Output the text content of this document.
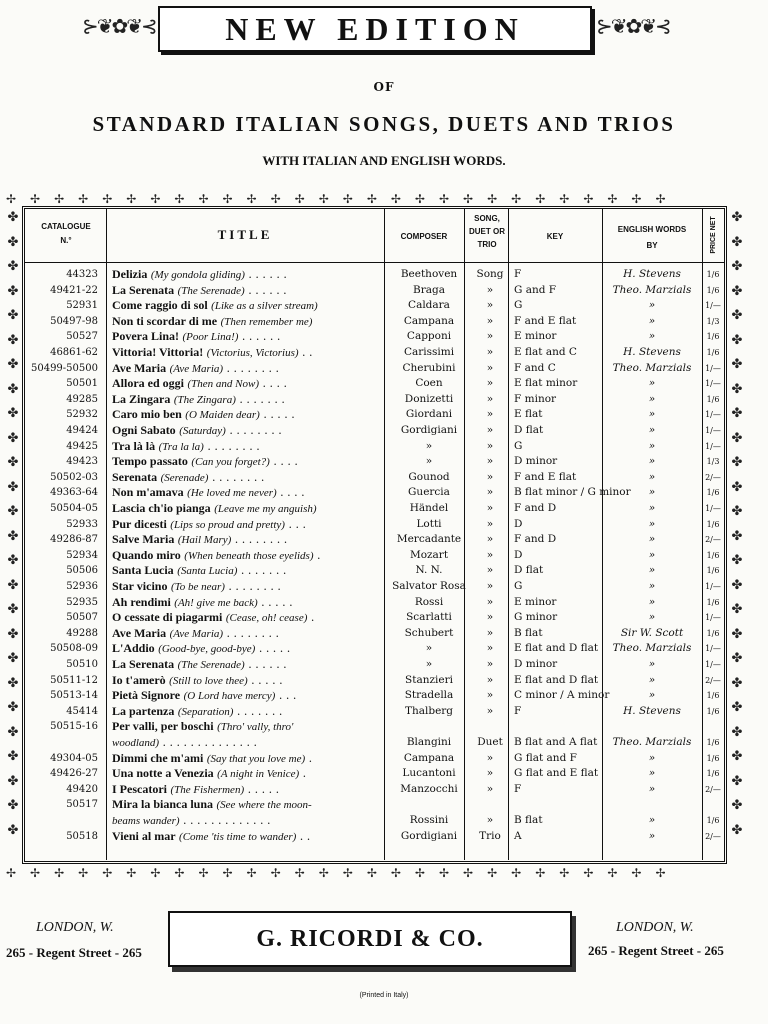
⊱❦✿❦⊰	NEW EDITION	⊱❦✿❦⊰
OF
STANDARD ITALIAN SONGS, DUETS AND TRIOS
WITH ITALIAN AND ENGLISH WORDS.
✢✢✢✢✢✢✢✢✢✢✢✢✢✢✢✢✢✢✢✢✢✢✢✢✢✢✢✢
✢✢✢✢✢✢✢✢✢✢✢✢✢✢✢✢✢✢✢✢✢✢✢✢✢✢✢✢
✤
✤
✤
✤
✤
✤
✤
✤
✤
✤
✤
✤
✤
✤
✤
✤
✤
✤
✤
✤
✤
✤
✤
✤
✤
✤
✤
✤
✤
✤
✤
✤
✤
✤
✤
✤
✤
✤
✤
✤
✤
✤
✤
✤
✤
✤
✤
✤
✤
✤
✤
✤
CATALOGUE
N.°	TITLE	COMPOSER
SONG, DUET OR TRIO
KEY
ENGLISH WORDS BY	PRICE NET
44323 Delizia (My gondola gliding) . . . . . .	Beethoven	Song	F	H. Stevens	1/6
49421-22 La Serenata (The Serenade) . . . . . .	Braga	»	G and F	Theo. Marzials	1/6
52931 Come raggio di sol (Like as a silver stream)	Caldara	»	G	»	1/—
50497-98 Non ti scordar di me (Then remember me)	Campana	»	F and E flat	»	1/3
50527 Povera Lina! (Poor Lina!) . . . . . .	Capponi	»	E minor	»	1/6
46861-62 Vittoria! Vittoria! (Victorius, Victorius) . .	Carissimi	»	E flat and C	H. Stevens	1/6
50499-50500 Ave Maria (Ave Maria) . . . . . . . .	Cherubini	»	F and C	Theo. Marzials	1/—
50501 Allora ed oggi (Then and Now) . . . .	Coen	»	E flat minor	»	1/—
49285 La Zingara (The Zingara) . . . . . . .	Donizetti	»	F minor	»	1/6
52932 Caro mio ben (O Maiden dear) . . . . .	Giordani	»	E flat	»	1/—
49424 Ogni Sabato (Saturday) . . . . . . . .	Gordigiani	»	D flat	»	1/—
49425 Tra là là (Tra la la) . . . . . . . .	»	»	G	»	1/—
49423 Tempo passato (Can you forget?) . . . .	»	»	D minor	»	1/3
50502-03 Serenata (Serenade) . . . . . . . .	Gounod	»	F and E flat	»	2/—
49363-64 Non m'amava (He loved me never) . . . .	Guercia	»	B flat minor / G minor	»	1/6
50504-05 Lascia ch'io pianga (Leave me my anguish)	Händel	»	F and D	»	1/—
52933 Pur dicesti (Lips so proud and pretty) . . .	Lotti	»	D	»	1/6
49286-87 Salve Maria (Hail Mary) . . . . . . . .	Mercadante	»	F and D	»	2/—
52934 Quando miro (When beneath those eyelids) .	Mozart	»	D	»	1/6
50506 Santa Lucia (Santa Lucia) . . . . . . .	N. N.	»	D flat	»	1/6
52936 Star vicino (To be near) . . . . . . . .	Salvator Rosa	»	G	»	1/—
52935 Ah rendimi (Ah! give me back) . . . . .	Rossi	»	E minor	»	1/6
50507 O cessate di piagarmi (Cease, oh! cease) .	Scarlatti	»	G minor	»	1/—
49288 Ave Maria (Ave Maria) . . . . . . . .	Schubert	»	B flat	Sir W. Scott	1/6
50508-09 L'Addio (Good-bye, good-bye) . . . . .	»	»	E flat and D flat	Theo. Marzials	1/—
50510 La Serenata (The Serenade) . . . . . .	»	»	D minor	»	1/—
50511-12 Io t'amerò (Still to love thee) . . . . .	Stanzieri	»	E flat and D flat	»	2/—
50513-14 Pietà Signore (O Lord have mercy) . . .	Stradella	»	C minor / A minor	»	1/6
45414 La partenza (Separation) . . . . . . .	Thalberg	»	F	H. Stevens	1/6
50515-16 Per valli, per boschi (Thro' vally, thro'
woodland) . . . . . . . . . . . . . .	Blangini	Duet	B flat and A flat	Theo. Marzials	1/6
49304-05 Dimmi che m'ami (Say that you love me) .	Campana	»	G flat and F	»	1/6
49426-27 Una notte a Venezia (A night in Venice) .	Lucantoni	»	G flat and E flat	»	1/6
49420 I Pescatori (The Fishermen) . . . . .	Manzocchi	»	F	»	2/—
50517 Mira la bianca luna (See where the moon-
beams wander) . . . . . . . . . . . . .	Rossini	»	B flat	»	1/6
50518 Vieni al mar (Come 'tis time to wander) . .	Gordigiani	Trio	A	»	2/—
LONDON, W.
265 - Regent Street - 265
G. RICORDI & CO.	LONDON, W.
265 - Regent Street - 265
(Printed in Italy)
